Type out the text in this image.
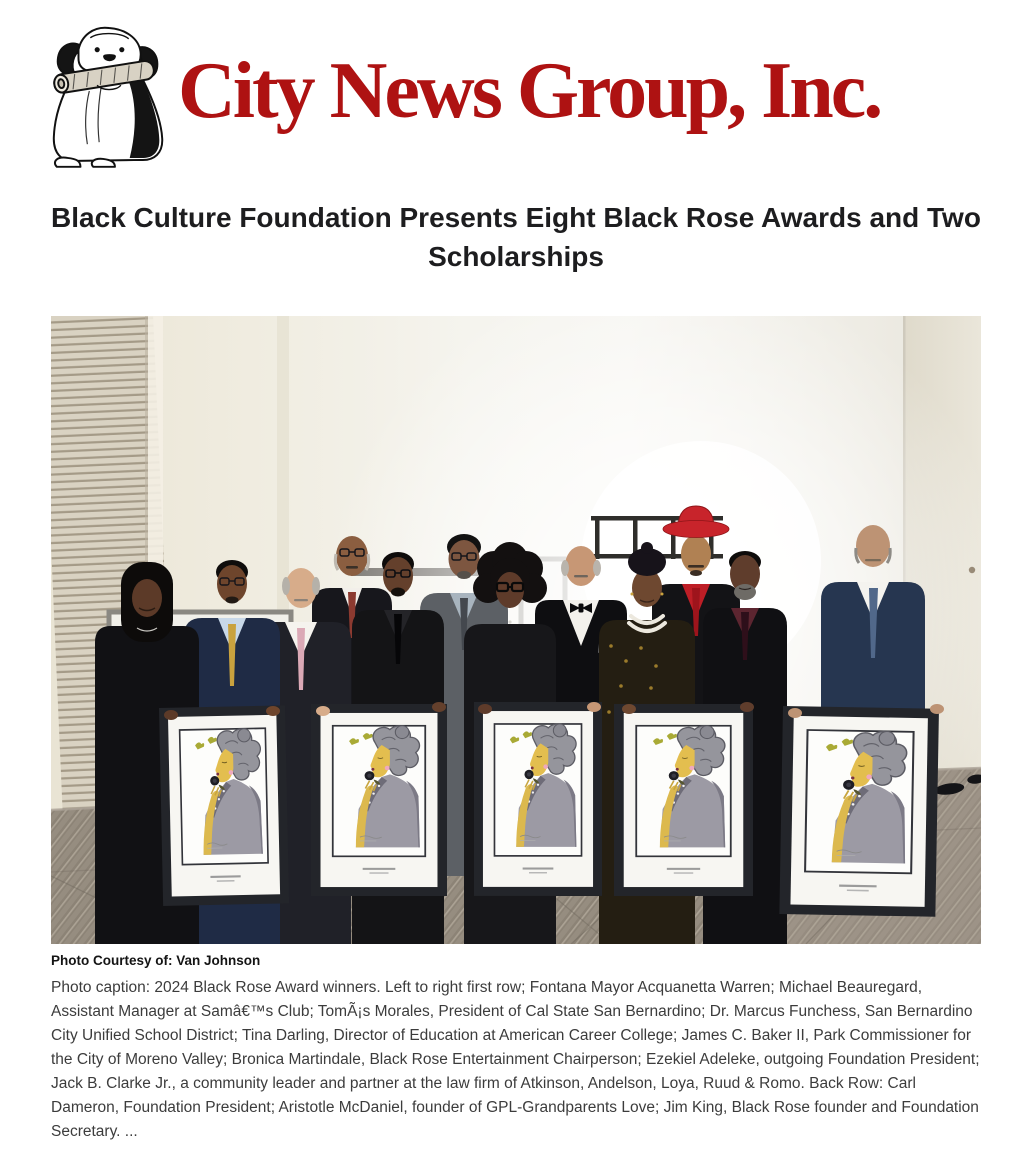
City News Group, Inc.
Black Culture Foundation Presents Eight Black Rose Awards and Two Scholarships
Photo Courtesy of: Van Johnson

Photo caption: 2024 Black Rose Award winners. Left to right first row; Fontana Mayor Acquanetta Warren; Michael Beauregard, Assistant Manager at Samâ€™s Club; TomÃ¡s Morales, President of Cal State San Bernardino; Dr. Marcus Funchess, San Bernardino City Unified School District; Tina Darling, Director of Education at American Career College; James C. Baker II, Park Commissioner for the City of Moreno Valley; Bronica Martindale, Black Rose Entertainment Chairperson; Ezekiel Adeleke, outgoing Foundation President; Jack B. Clarke Jr., a community leader and partner at the law firm of Atkinson, Andelson, Loya, Ruud & Romo. Back Row: Carl Dameron, Foundation President; Aristotle McDaniel, founder of GPL-Grandparents Love; Jim King, Black Rose founder and Foundation Secretary. ...
